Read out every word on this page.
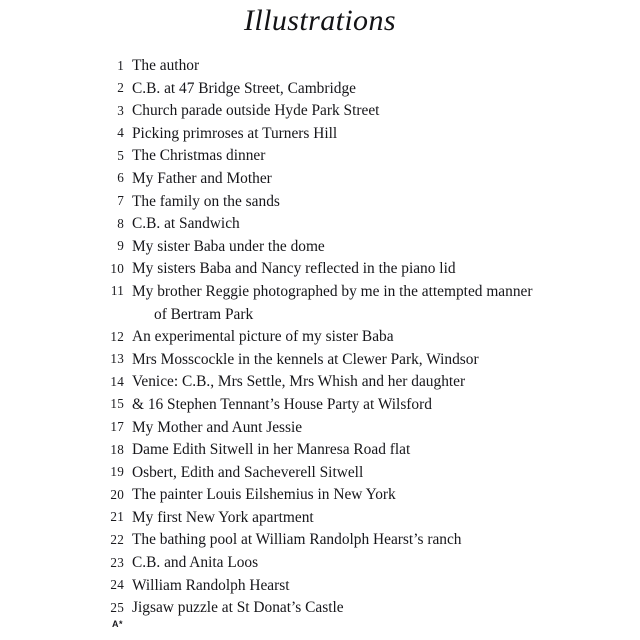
Illustrations
1 The author
2 C.B. at 47 Bridge Street, Cambridge
3 Church parade outside Hyde Park Street
4 Picking primroses at Turners Hill
5 The Christmas dinner
6 My Father and Mother
7 The family on the sands
8 C.B. at Sandwich
9 My sister Baba under the dome
10 My sisters Baba and Nancy reflected in the piano lid
11 My brother Reggie photographed by me in the attempted manner
of Bertram Park
12 An experimental picture of my sister Baba
13 Mrs Mosscockle in the kennels at Clewer Park, Windsor
14 Venice: C.B., Mrs Settle, Mrs Whish and her daughter
15 & 16 Stephen Tennant’s House Party at Wilsford
17 My Mother and Aunt Jessie
18 Dame Edith Sitwell in her Manresa Road flat
19 Osbert, Edith and Sacheverell Sitwell
20 The painter Louis Eilshemius in New York
21 My first New York apartment
22 The bathing pool at William Randolph Hearst’s ranch
23 C.B. and Anita Loos
24 William Randolph Hearst
25 Jigsaw puzzle at St Donat’s Castle
A*
